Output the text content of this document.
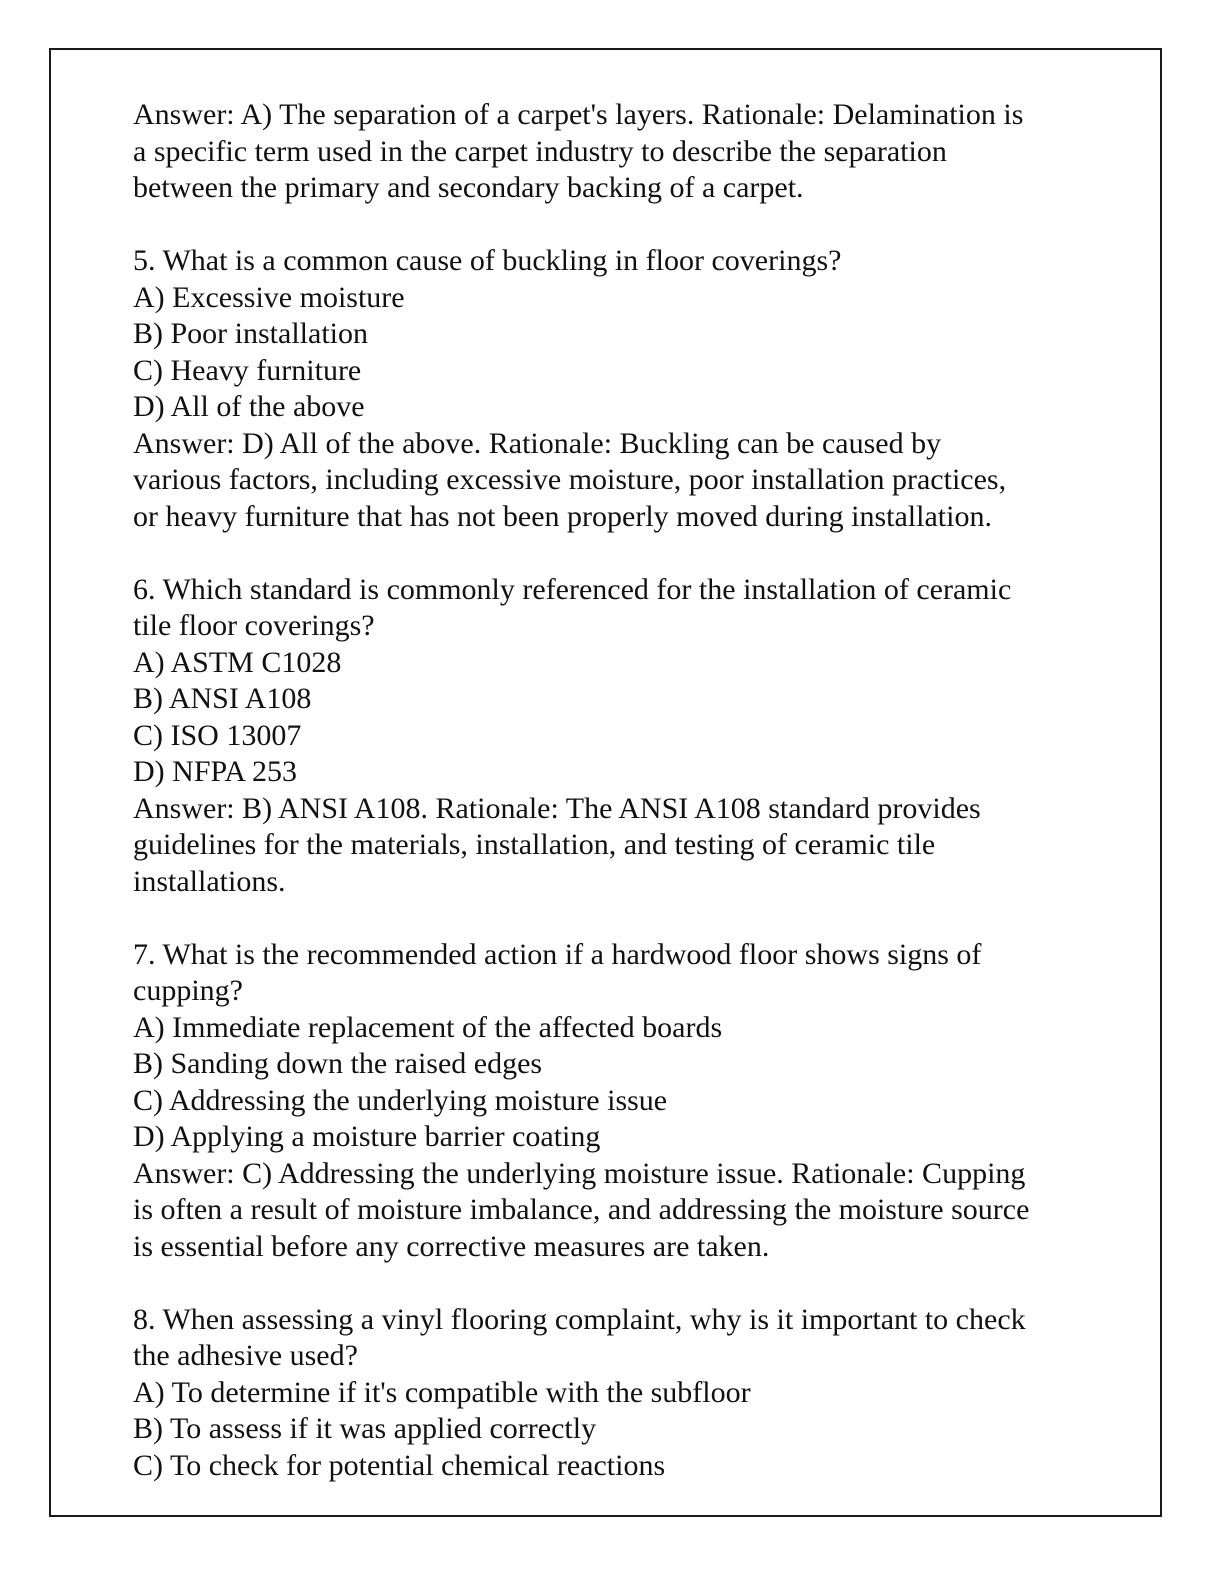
Answer: A) The separation of a carpet's layers. Rationale: Delamination is
a specific term used in the carpet industry to describe the separation
between the primary and secondary backing of a carpet.
5. What is a common cause of buckling in floor coverings?
A) Excessive moisture
B) Poor installation
C) Heavy furniture
D) All of the above
Answer: D) All of the above. Rationale: Buckling can be caused by
various factors, including excessive moisture, poor installation practices,
or heavy furniture that has not been properly moved during installation.
6. Which standard is commonly referenced for the installation of ceramic
tile floor coverings?
A) ASTM C1028
B) ANSI A108
C) ISO 13007
D) NFPA 253
Answer: B) ANSI A108. Rationale: The ANSI A108 standard provides
guidelines for the materials, installation, and testing of ceramic tile
installations.
7. What is the recommended action if a hardwood floor shows signs of
cupping?
A) Immediate replacement of the affected boards
B) Sanding down the raised edges
C) Addressing the underlying moisture issue
D) Applying a moisture barrier coating
Answer: C) Addressing the underlying moisture issue. Rationale: Cupping
is often a result of moisture imbalance, and addressing the moisture source
is essential before any corrective measures are taken.
8. When assessing a vinyl flooring complaint, why is it important to check
the adhesive used?
A) To determine if it's compatible with the subfloor
B) To assess if it was applied correctly
C) To check for potential chemical reactions
